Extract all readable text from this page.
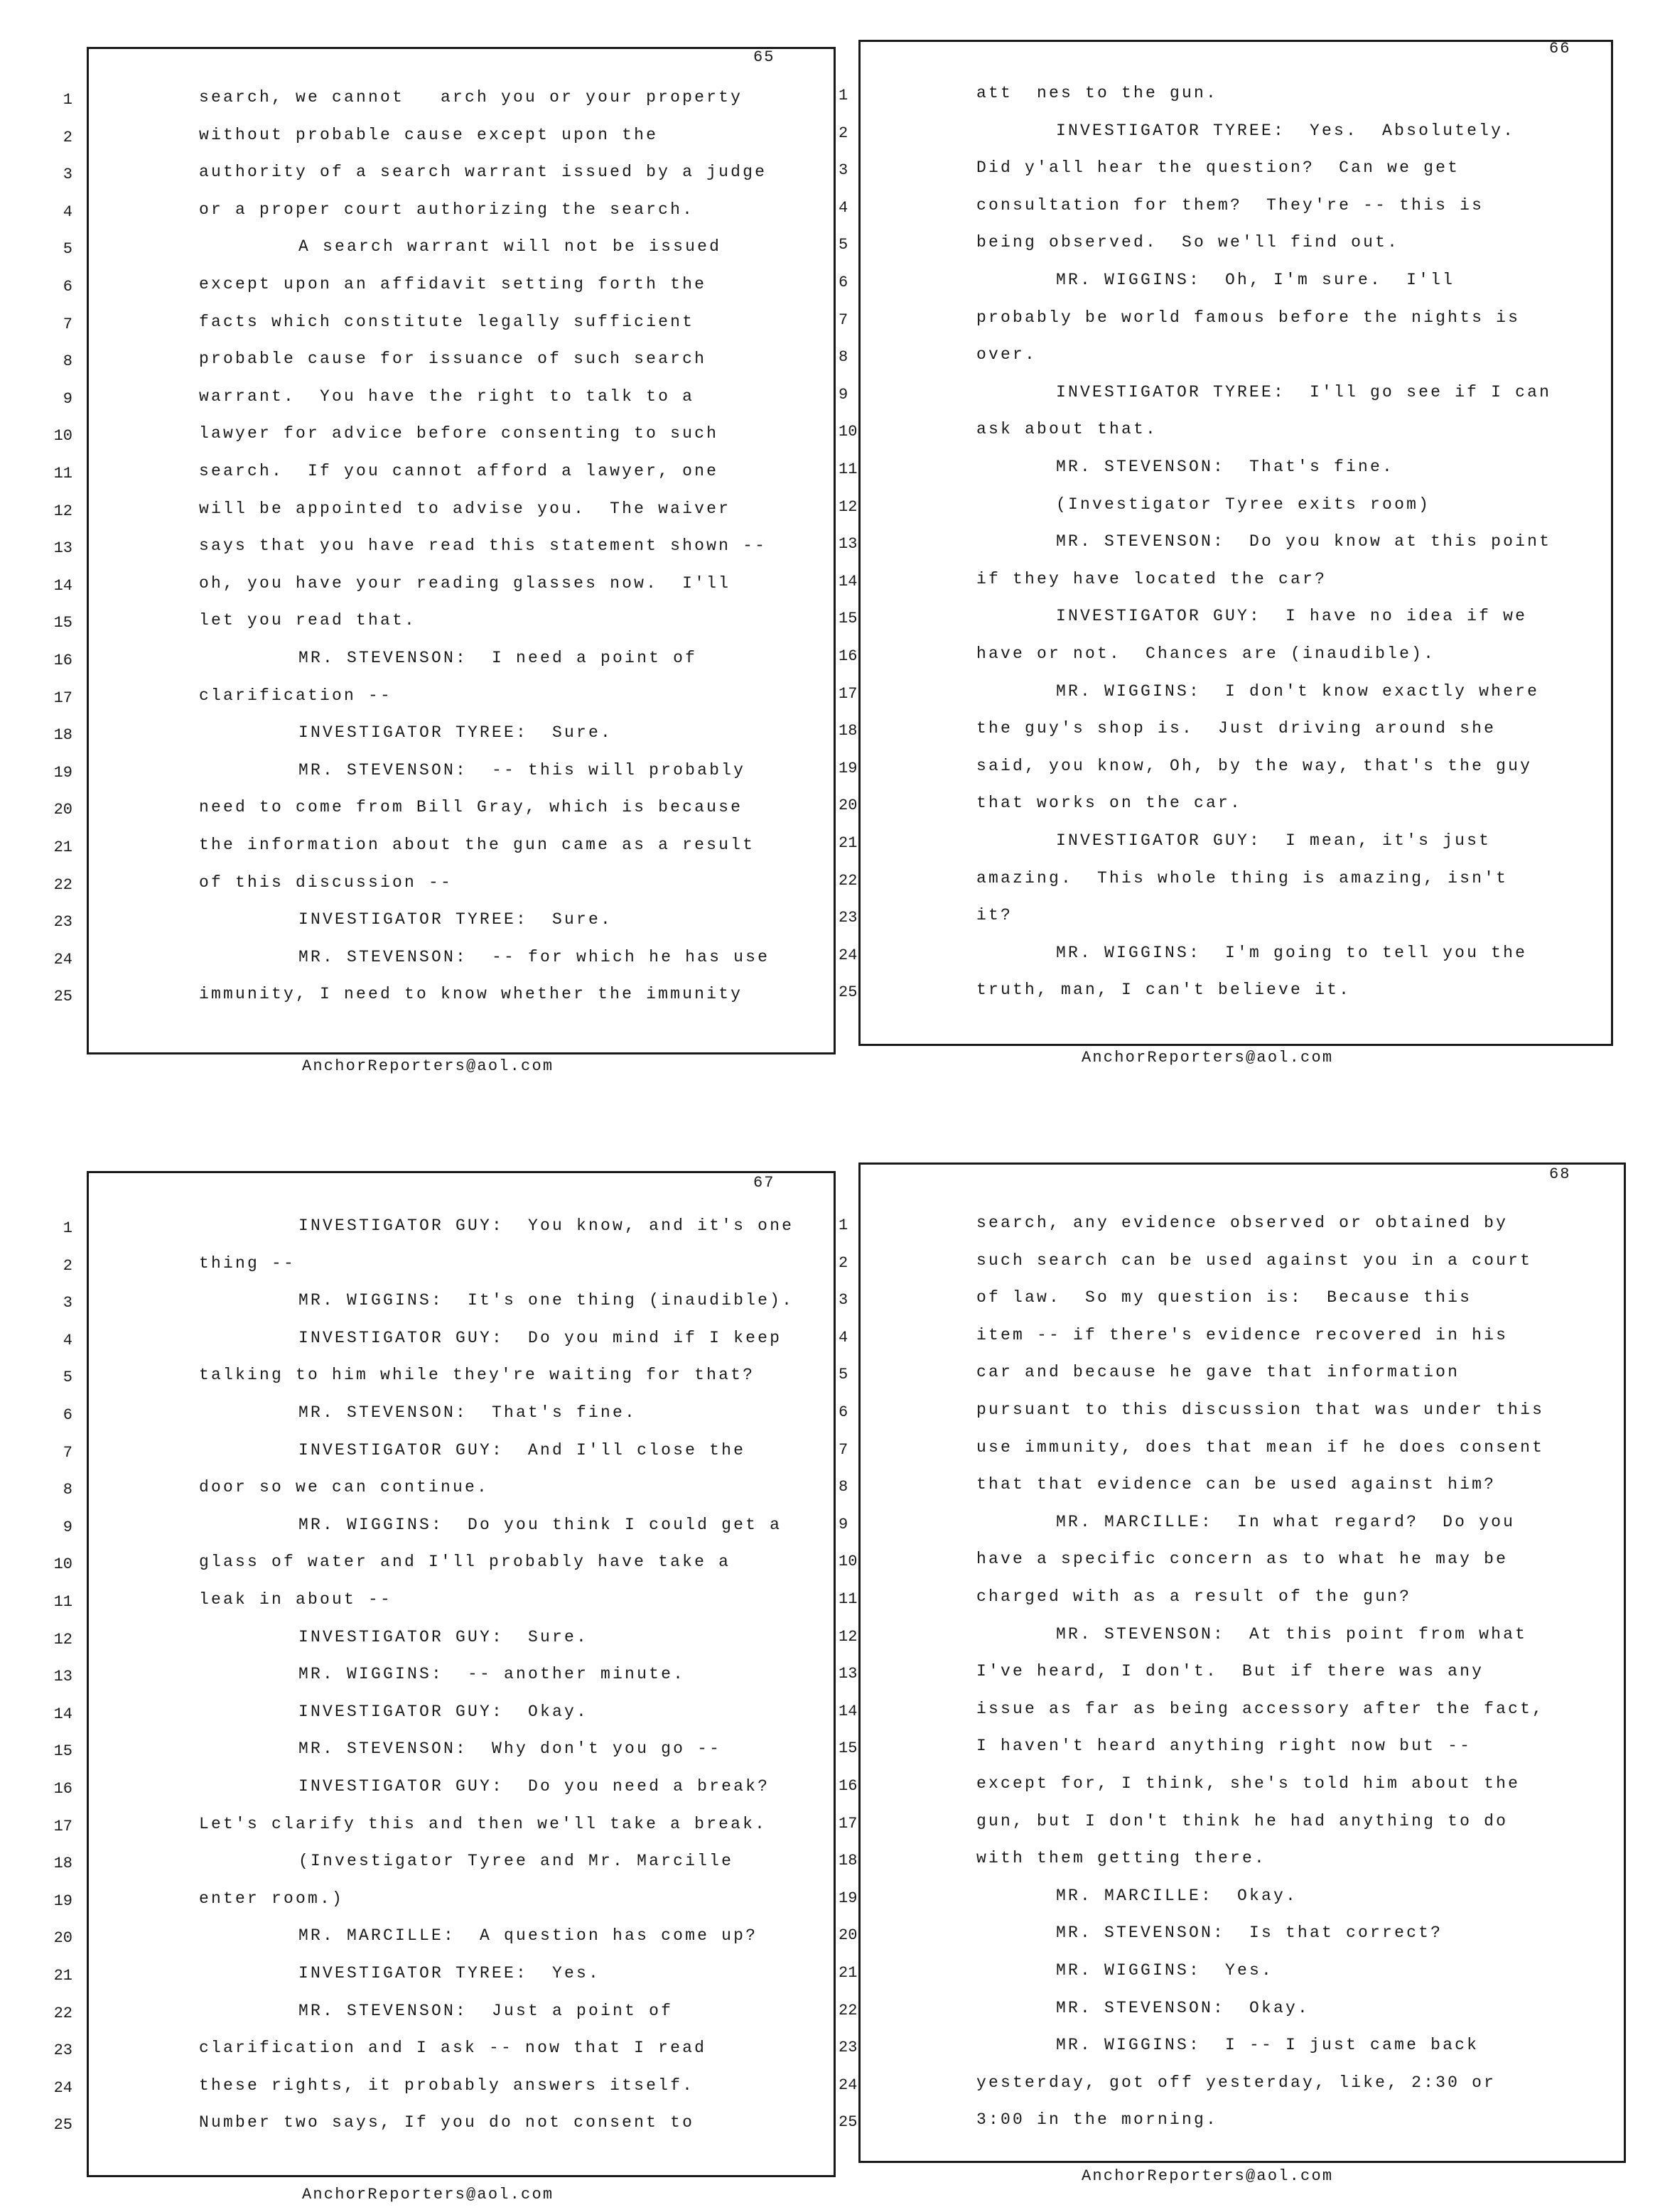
65
1	search, we cannot   arch you or your property
2	without probable cause except upon the
3	authority of a search warrant issued by a judge
4	or a proper court authorizing the search.
5	A search warrant will not be issued
6	except upon an affidavit setting forth the
7	facts which constitute legally sufficient
8	probable cause for issuance of such search
9	warrant.  You have the right to talk to a
10	lawyer for advice before consenting to such
11	search.  If you cannot afford a lawyer, one
12	will be appointed to advise you.  The waiver
13	says that you have read this statement shown --
14	oh, you have your reading glasses now.  I'll
15	let you read that.
16	MR. STEVENSON:  I need a point of
17	clarification --
18	INVESTIGATOR TYREE:  Sure.
19	MR. STEVENSON:  -- this will probably
20	need to come from Bill Gray, which is because
21	the information about the gun came as a result
22	of this discussion --
23	INVESTIGATOR TYREE:  Sure.
24	MR. STEVENSON:  -- for which he has use
25	immunity, I need to know whether the immunity
AnchorReporters@aol.com
66
1	att  nes to the gun.
2	INVESTIGATOR TYREE:  Yes.  Absolutely.
3	Did y'all hear the question?  Can we get
4	consultation for them?  They're -- this is
5	being observed.  So we'll find out.
6	MR. WIGGINS:  Oh, I'm sure.  I'll
7	probably be world famous before the nights is
8	over.
9	INVESTIGATOR TYREE:  I'll go see if I can
10	ask about that.
11	MR. STEVENSON:  That's fine.
12	(Investigator Tyree exits room)
13	MR. STEVENSON:  Do you know at this point
14	if they have located the car?
15	INVESTIGATOR GUY:  I have no idea if we
16	have or not.  Chances are (inaudible).
17	MR. WIGGINS:  I don't know exactly where
18	the guy's shop is.  Just driving around she
19	said, you know, Oh, by the way, that's the guy
20	that works on the car.
21	INVESTIGATOR GUY:  I mean, it's just
22	amazing.  This whole thing is amazing, isn't
23	it?
24	MR. WIGGINS:  I'm going to tell you the
25	truth, man, I can't believe it.
AnchorReporters@aol.com
67
1	INVESTIGATOR GUY:  You know, and it's one
2	thing --
3	MR. WIGGINS:  It's one thing (inaudible).
4	INVESTIGATOR GUY:  Do you mind if I keep
5	talking to him while they're waiting for that?
6	MR. STEVENSON:  That's fine.
7	INVESTIGATOR GUY:  And I'll close the
8	door so we can continue.
9	MR. WIGGINS:  Do you think I could get a
10	glass of water and I'll probably have take a
11	leak in about --
12	INVESTIGATOR GUY:  Sure.
13	MR. WIGGINS:  -- another minute.
14	INVESTIGATOR GUY:  Okay.
15	MR. STEVENSON:  Why don't you go --
16	INVESTIGATOR GUY:  Do you need a break?
17	Let's clarify this and then we'll take a break.
18	(Investigator Tyree and Mr. Marcille
19	enter room.)
20	MR. MARCILLE:  A question has come up?
21	INVESTIGATOR TYREE:  Yes.
22	MR. STEVENSON:  Just a point of
23	clarification and I ask -- now that I read
24	these rights, it probably answers itself.
25	Number two says, If you do not consent to
AnchorReporters@aol.com
68
1	search, any evidence observed or obtained by
2	such search can be used against you in a court
3	of law.  So my question is:  Because this
4	item -- if there's evidence recovered in his
5	car and because he gave that information
6	pursuant to this discussion that was under this
7	use immunity, does that mean if he does consent
8	that that evidence can be used against him?
9	MR. MARCILLE:  In what regard?  Do you
10	have a specific concern as to what he may be
11	charged with as a result of the gun?
12	MR. STEVENSON:  At this point from what
13	I've heard, I don't.  But if there was any
14	issue as far as being accessory after the fact,
15	I haven't heard anything right now but --
16	except for, I think, she's told him about the
17	gun, but I don't think he had anything to do
18	with them getting there.
19	MR. MARCILLE:  Okay.
20	MR. STEVENSON:  Is that correct?
21	MR. WIGGINS:  Yes.
22	MR. STEVENSON:  Okay.
23	MR. WIGGINS:  I -- I just came back
24	yesterday, got off yesterday, like, 2:30 or
25	3:00 in the morning.
AnchorReporters@aol.com
